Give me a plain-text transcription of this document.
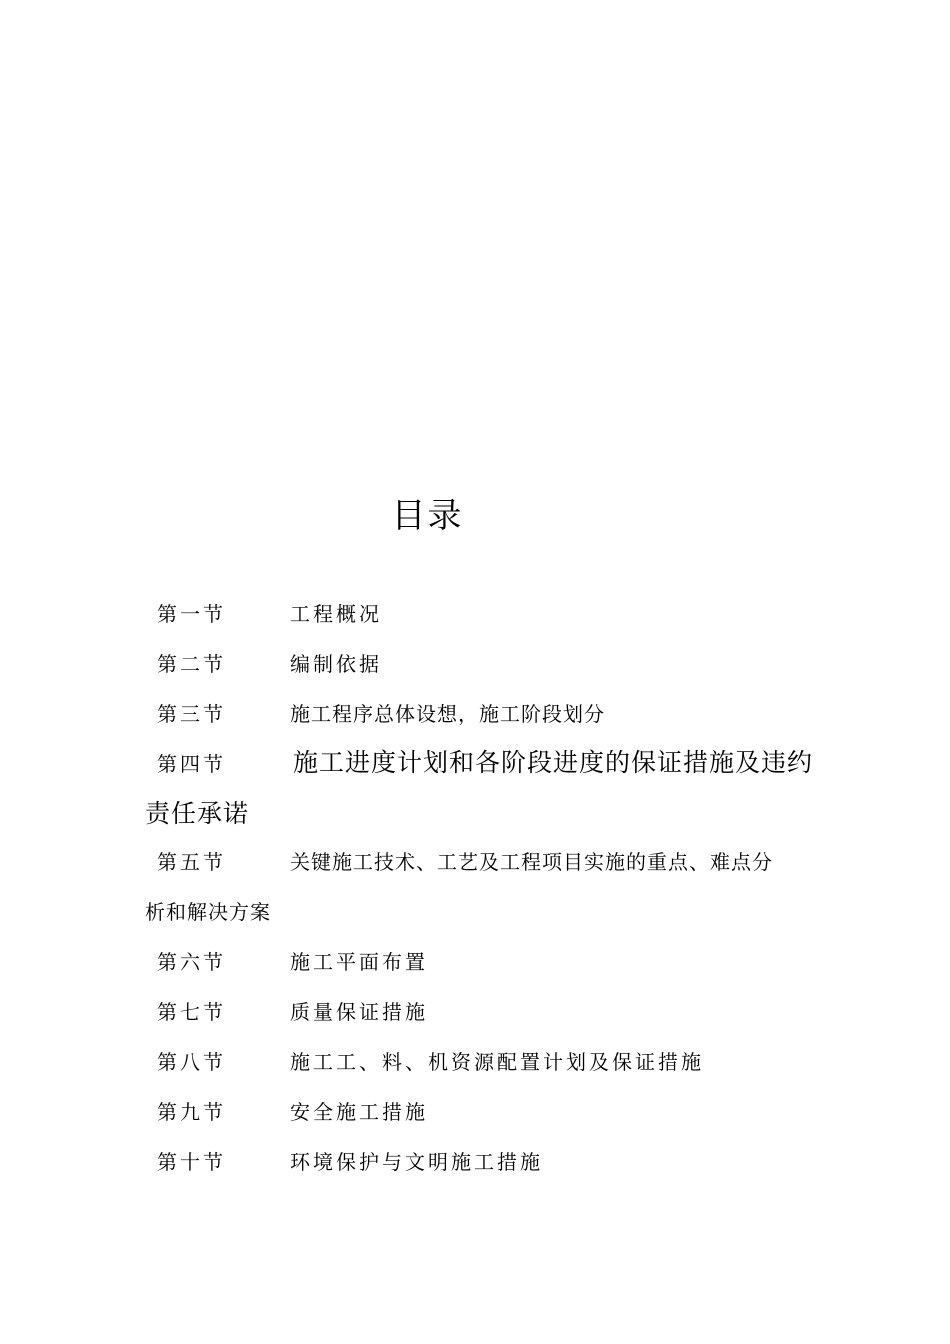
目录
第一节	工程概况
第二节	编制依据
第三节	施工程序总体设想，施工阶段划分
第四节	施工进度计划和各阶段进度的保证措施及违约
责任承诺
第五节	关键施工技术、工艺及工程项目实施的重点、难点分
析和解决方案
第六节	施工平面布置
第七节	质量保证措施
第八节	施工工、料、机资源配置计划及保证措施
第九节	安全施工措施
第十节	环境保护与文明施工措施
